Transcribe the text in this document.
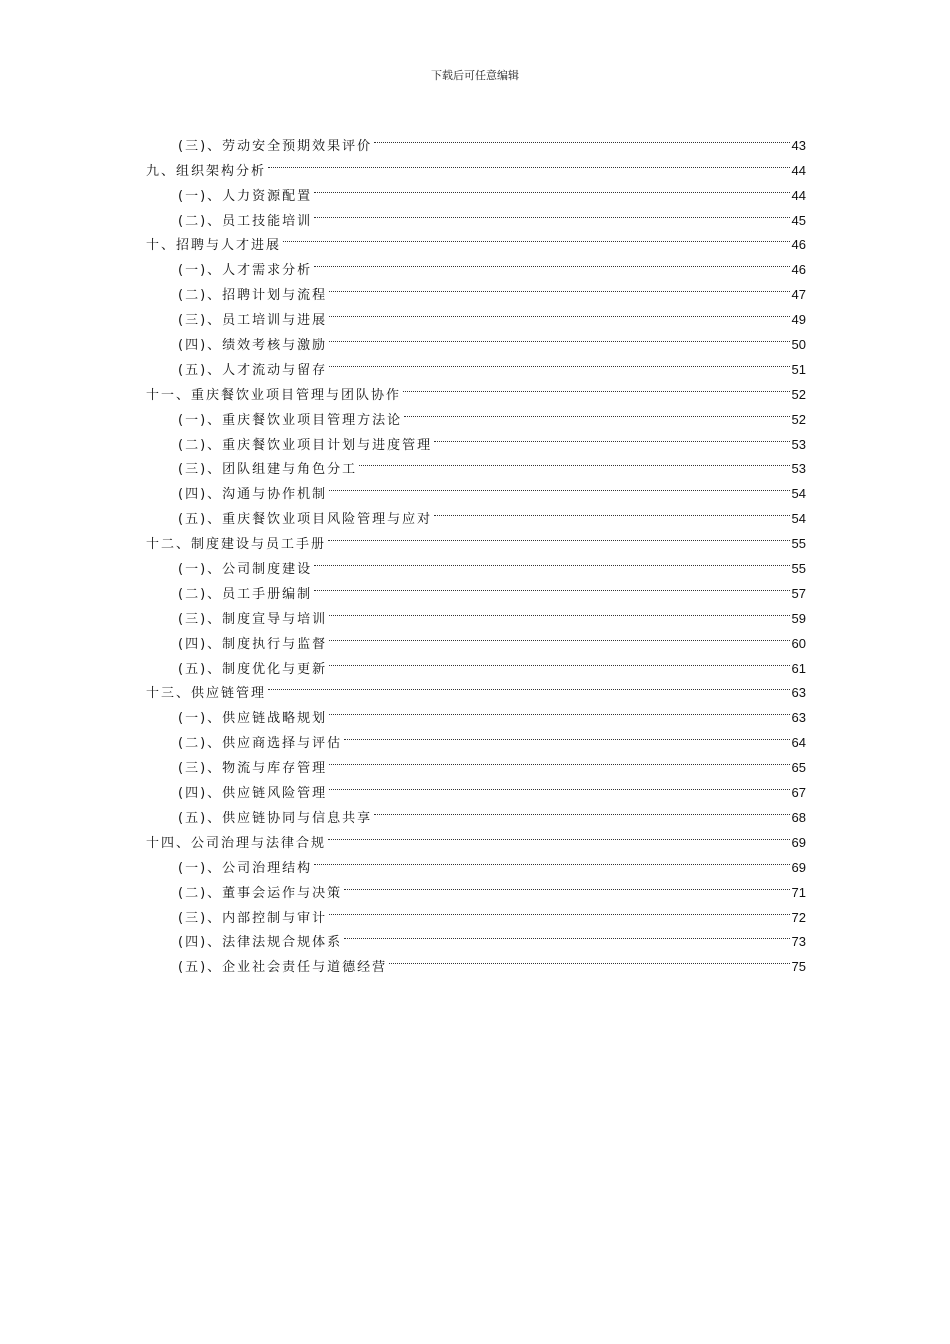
下载后可任意编辑
(三)、劳动安全预期效果评价	43
九、组织架构分析	44
(一)、人力资源配置	44
(二)、员工技能培训	45
十、招聘与人才进展	46
(一)、人才需求分析	46
(二)、招聘计划与流程	47
(三)、员工培训与进展	49
(四)、绩效考核与激励	50
(五)、人才流动与留存	51
十一、重庆餐饮业项目管理与团队协作	52
(一)、重庆餐饮业项目管理方法论	52
(二)、重庆餐饮业项目计划与进度管理	53
(三)、团队组建与角色分工	53
(四)、沟通与协作机制	54
(五)、重庆餐饮业项目风险管理与应对	54
十二、制度建设与员工手册	55
(一)、公司制度建设	55
(二)、员工手册编制	57
(三)、制度宣导与培训	59
(四)、制度执行与监督	60
(五)、制度优化与更新	61
十三、供应链管理	63
(一)、供应链战略规划	63
(二)、供应商选择与评估	64
(三)、物流与库存管理	65
(四)、供应链风险管理	67
(五)、供应链协同与信息共享	68
十四、公司治理与法律合规	69
(一)、公司治理结构	69
(二)、董事会运作与决策	71
(三)、内部控制与审计	72
(四)、法律法规合规体系	73
(五)、企业社会责任与道德经营	75
